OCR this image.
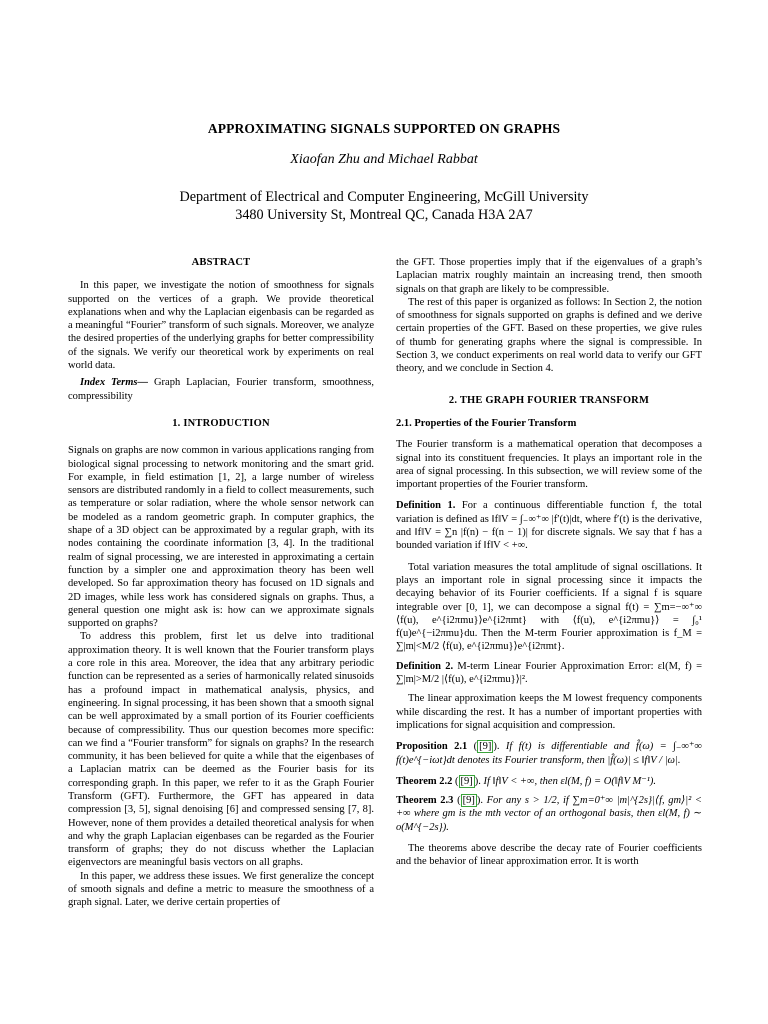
APPROXIMATING SIGNALS SUPPORTED ON GRAPHS
Xiaofan Zhu and Michael Rabbat
Department of Electrical and Computer Engineering, McGill University
3480 University St, Montreal QC, Canada H3A 2A7
ABSTRACT

In this paper, we investigate the notion of smoothness for signals supported on the vertices of a graph. We provide theoretical explanations when and why the Laplacian eigenbasis can be regarded as a meaningful “Fourier” transform of such signals. Moreover, we analyze the desired properties of the underlying graphs for better compressibility of the signals. We verify our theoretical work by experiments on real world data.

Index Terms— Graph Laplacian, Fourier transform, smoothness, compressibility

1. INTRODUCTION

Signals on graphs are now common in various applications ranging from biological signal processing to network monitoring and the smart grid. For example, in field estimation [1, 2], a large number of wireless sensors are distributed randomly in a field to collect measurements, such as temperature or solar radiation, where the whole sensor network can be modeled as a random geometric graph. In computer graphics, the shape of a 3D object can be approximated by a regular graph, with its nodes containing the coordinate information [3, 4]. In the traditional realm of signal processing, we are interested in approximating a certain function by a simpler one and approximation theory has been well developed. So far approximation theory has focused on 1D signals and 2D images, while less work has considered signals on graphs. Thus, a general question one might ask is: how can we approximate signals supported on graphs?

To address this problem, first let us delve into traditional approximation theory. It is well known that the Fourier transform plays a core role in this area. Moreover, the idea that any arbitrary periodic function can be represented as a series of harmonically related sinusoids has a profound impact in mathematical analysis, physics, and engineering. In signal processing, it has been shown that a smooth signal can be well approximated by a small portion of its Fourier coefficients because of compressibility. Thus our question becomes more specific: can we find a “Fourier transform” for signals on graphs? In the research community, it has been believed for quite a while that the eigenbases of a Laplacian matrix can be deemed as the Fourier basis for its corresponding graph. In this paper, we refer to it as the Graph Fourier Transform (GFT). Furthermore, the GFT has appeared in data compression [3, 5], signal denoising [6] and compressed sensing [7, 8]. However, none of them provides a detailed theoretical analysis for when and why the graph Laplacian eigenbases can be regarded as the Fourier transform of graphs; they do not discuss whether the Laplacian eigenvectors are meaningful basis vectors on all graphs.

In this paper, we address these issues. We first generalize the concept of smooth signals and define a metric to measure the smoothness of a graph signal. Later, we derive certain properties of

the GFT. Those properties imply that if the eigenvalues of a graph’s Laplacian matrix roughly maintain an increasing trend, then smooth signals on that graph are likely to be compressible.

The rest of this paper is organized as follows: In Section 2, the notion of smoothness for signals supported on graphs is defined and we derive certain properties of the GFT. Based on these properties, we give rules of thumb for generating graphs where the signal is compressible. In Section 3, we conduct experiments on real world data to verify our GFT theory, and we conclude in Section 4.

2. THE GRAPH FOURIER TRANSFORM
2.1. Properties of the Fourier Transform

The Fourier transform is a mathematical operation that decomposes a signal into its constituent frequencies. It plays an important role in the area of signal processing. In this subsection, we will review some of the important properties of the Fourier transform.

Definition 1. For a continuous differentiable function f, the total variation is defined as ‖f‖V = ∫₋∞⁺∞ |f′(t)|dt, where f′(t) is the derivative, and ‖f‖V = ∑n |f(n) − f(n − 1)| for discrete signals. We say that f has a bounded variation if ‖f‖V < +∞.

Total variation measures the total amplitude of signal oscillations. It plays an important role in signal processing since it impacts the decaying behavior of its Fourier coefficients. If a signal f is square integrable over [0, 1], we can decompose a signal f(t) = ∑m=−∞⁺∞ ⟨f(u), e^{i2πmu}⟩e^{i2πmt} with ⟨f(u), e^{i2πmu}⟩ = ∫₀¹ f(u)e^{−i2πmu}du. Then the M-term Fourier approximation is f_M = ∑|m|<M/2 ⟨f(u), e^{i2πmu}⟩e^{i2πmt}.

Definition 2. M-term Linear Fourier Approximation Error: εl(M, f) = ∑|m|>M/2 |⟨f(u), e^{i2πmu}⟩|².

The linear approximation keeps the M lowest frequency components while discarding the rest. It has a number of important properties with implications for signal acquisition and compression.

Proposition 2.1 ( [9] ). If f(t) is differentiable and f̂(ω) = ∫₋∞⁺∞ f(t)e^{−iωt}dt denotes its Fourier transform, then |f̂(ω)| ≤ ‖f‖V / |ω|.

Theorem 2.2 ( [9] ). If ‖f‖V < +∞, then εl(M, f) = O(‖f‖V M⁻¹).

Theorem 2.3 ( [9] ). For any s > 1/2, if ∑m=0⁺∞ |m|^{2s}|⟨f, gm⟩|² < +∞ where gm is the mth vector of an orthogonal basis, then εl(M, f) ∼ o(M^{−2s}).

The theorems above describe the decay rate of Fourier coefficients and the behavior of linear approximation error. It is worth
